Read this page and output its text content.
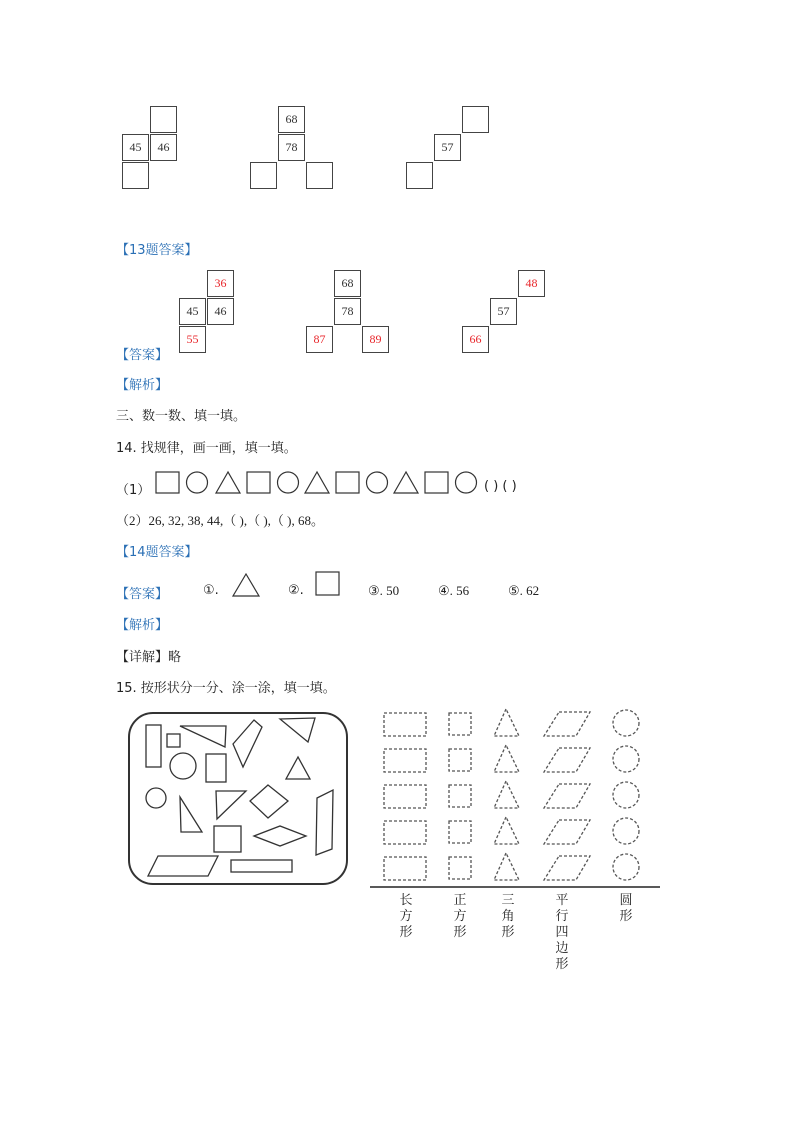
45	46
68
78	57
【13题答案】
36
45	46
55
68
78
87	89
48
57
66
【答案】
【解析】
三、数一数、填一填。
14. 找规律，画一画，填一填。
（1）	( ) ( )
（2）26, 32, 38, 44,（ ),（ ),（ ), 68。
【14题答案】
【答案】	①.	②.	③. 50	④. 56	⑤. 62
【解析】
【详解】略
15. 按形状分一分、涂一涂，填一填。
长方形
正方形
三角形
平行四边形
圆形
